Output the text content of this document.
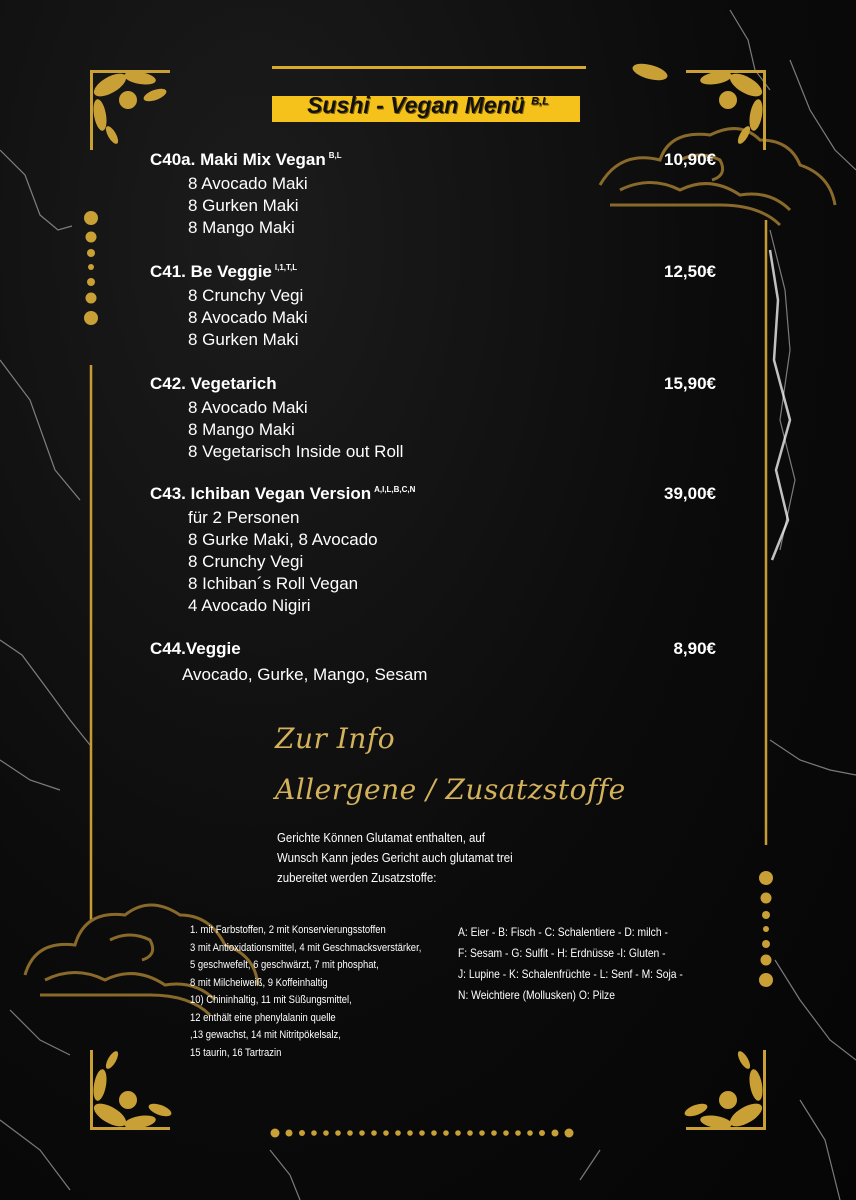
Sushi - Vegan Menü $^{B,L}$
C40a. Maki Mix Vegan $^{B,L}$	10,90€
8 Avocado Maki
8 Gurken Maki
8 Mango Maki
C41. Be Veggie $^{I,1,T,L}$	12,50€
8 Crunchy Vegi
8 Avocado Maki
8 Gurken Maki
C42. Vegetarich	15,90€
8 Avocado Maki
8 Mango Maki
8 Vegetarisch Inside out Roll
C43. Ichiban Vegan Version $^{A,I,L,B,C,N}$	39,00€
für 2 Personen
8 Gurke Maki, 8 Avocado
8 Crunchy Vegi
8 Ichiban´s Roll Vegan
4 Avocado Nigiri
C44.Veggie	8,90€
Avocado, Gurke, Mango, Sesam
Zur Info
Allergene / Zusatzstoffe
Gerichte Können Glutamat enthalten, auf
Wunsch Kann jedes Gericht auch glutamat trei
zubereitet werden Zusatzstoffe:
1. mit Farbstoffen, 2 mit Konservierungsstoffen
3 mit Antioxidationsmittel, 4 mit Geschmacksverstärker,
5 geschwefelt, 6 geschwärzt, 7 mit phosphat,
8 mit Milcheiweiß, 9 Koffeinhaltig
10) Chininhaltig, 11 mit Süßungsmittel,
12 enthält eine phenylalanin quelle
,13 gewachst, 14 mit Nitritpökelsalz,
15 taurin, 16 Tartrazin
A: Eier - B: Fisch - C: Schalentiere - D: milch -
F: Sesam - G: Sulfit - H: Erdnüsse -I: Gluten -
J: Lupine - K: Schalenfrüchte - L: Senf - M: Soja -
N: Weichtiere (Mollusken) O: Pilze
